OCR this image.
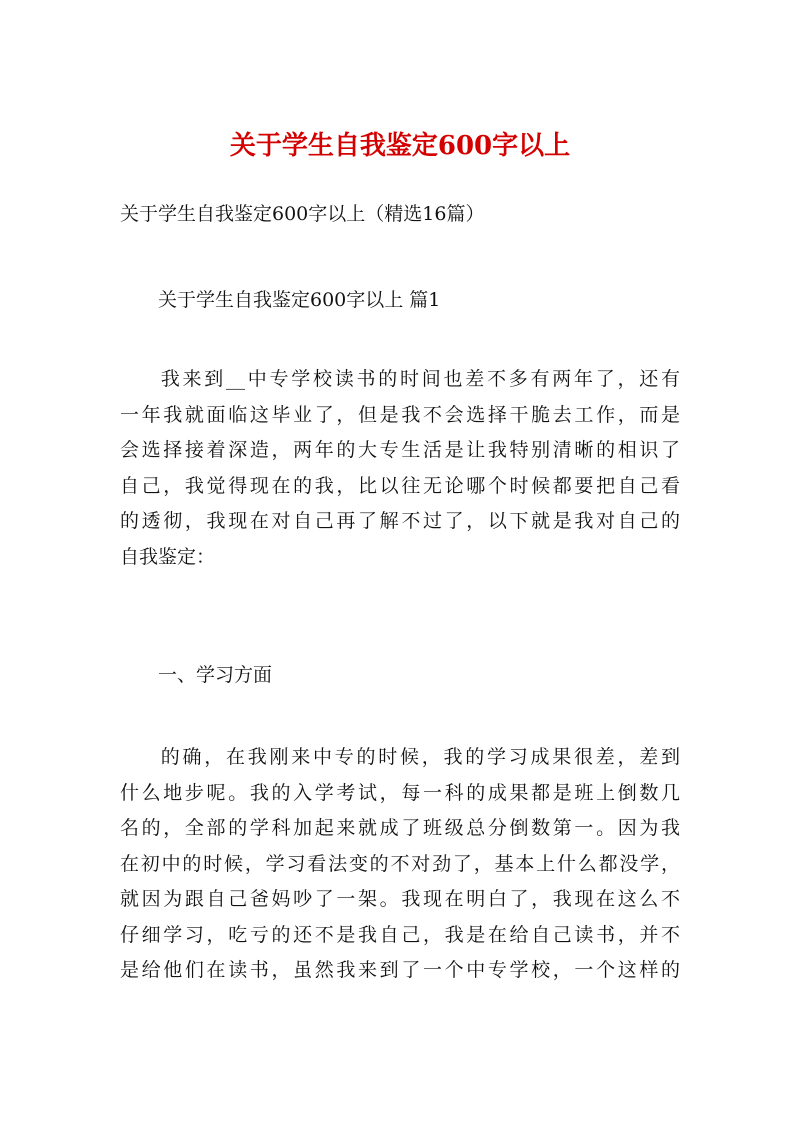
关于学生自我鉴定600字以上

关于学生自我鉴定600字以上（精选16篇）

关于学生自我鉴定600字以上 篇1

我来到__中专学校读书的时间也差不多有两年了，还有
一年我就面临这毕业了，但是我不会选择干脆去工作，而是
会选择接着深造，两年的大专生活是让我特别清晰的相识了
自己，我觉得现在的我，比以往无论哪个时候都要把自己看
的透彻，我现在对自己再了解不过了，以下就是我对自己的
自我鉴定：

一、学习方面

的确，在我刚来中专的时候，我的学习成果很差，差到
什么地步呢。我的入学考试，每一科的成果都是班上倒数几
名的，全部的学科加起来就成了班级总分倒数第一。因为我
在初中的时候，学习看法变的不对劲了，基本上什么都没学，
就因为跟自己爸妈吵了一架。我现在明白了，我现在这么不
仔细学习，吃亏的还不是我自己，我是在给自己读书，并不
是给他们在读书，虽然我来到了一个中专学校，一个这样的
